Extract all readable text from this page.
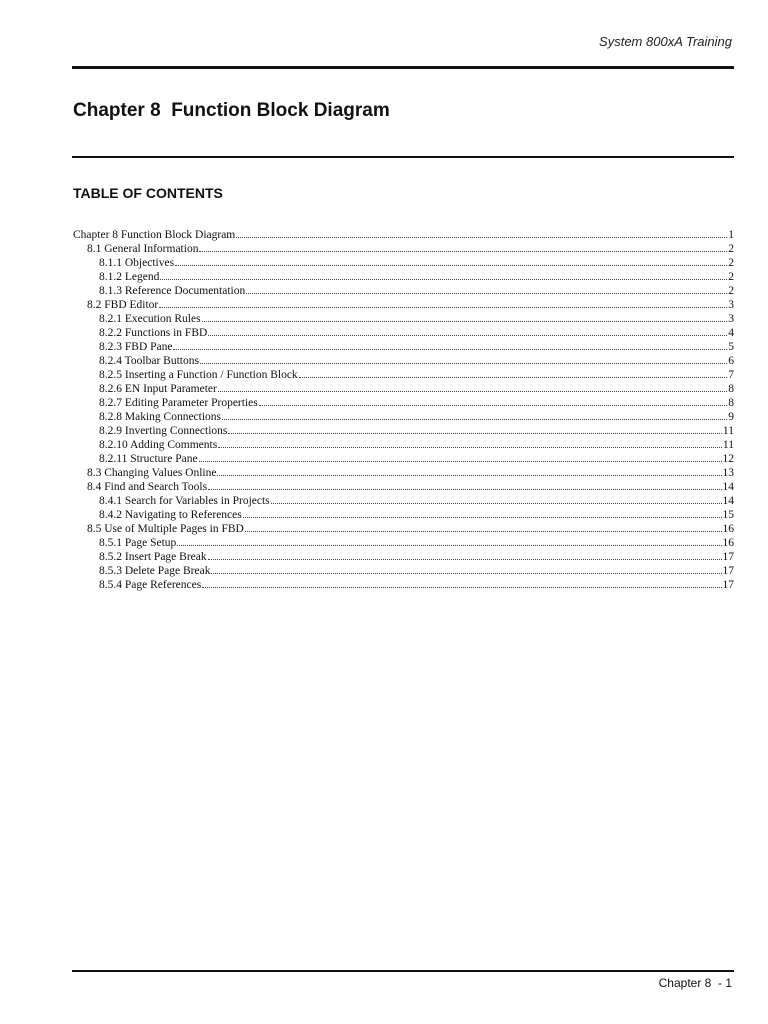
System 800xA Training
Chapter 8  Function Block Diagram
TABLE OF CONTENTS
Chapter 8 Function Block Diagram	1
8.1 General Information	2
8.1.1 Objectives	2
8.1.2 Legend	2
8.1.3 Reference Documentation	2
8.2 FBD Editor	3
8.2.1 Execution Rules	3
8.2.2 Functions in FBD	4
8.2.3 FBD Pane	5
8.2.4 Toolbar Buttons	6
8.2.5 Inserting a Function / Function Block	7
8.2.6 EN Input Parameter	8
8.2.7 Editing Parameter Properties	8
8.2.8 Making Connections	9
8.2.9 Inverting Connections	11
8.2.10 Adding Comments	11
8.2.11 Structure Pane	12
8.3 Changing Values Online	13
8.4 Find and Search Tools	14
8.4.1 Search for Variables in Projects	14
8.4.2 Navigating to References	15
8.5 Use of Multiple Pages in FBD	16
8.5.1 Page Setup	16
8.5.2 Insert Page Break	17
8.5.3 Delete Page Break	17
8.5.4 Page References	17
Chapter 8  - 1
